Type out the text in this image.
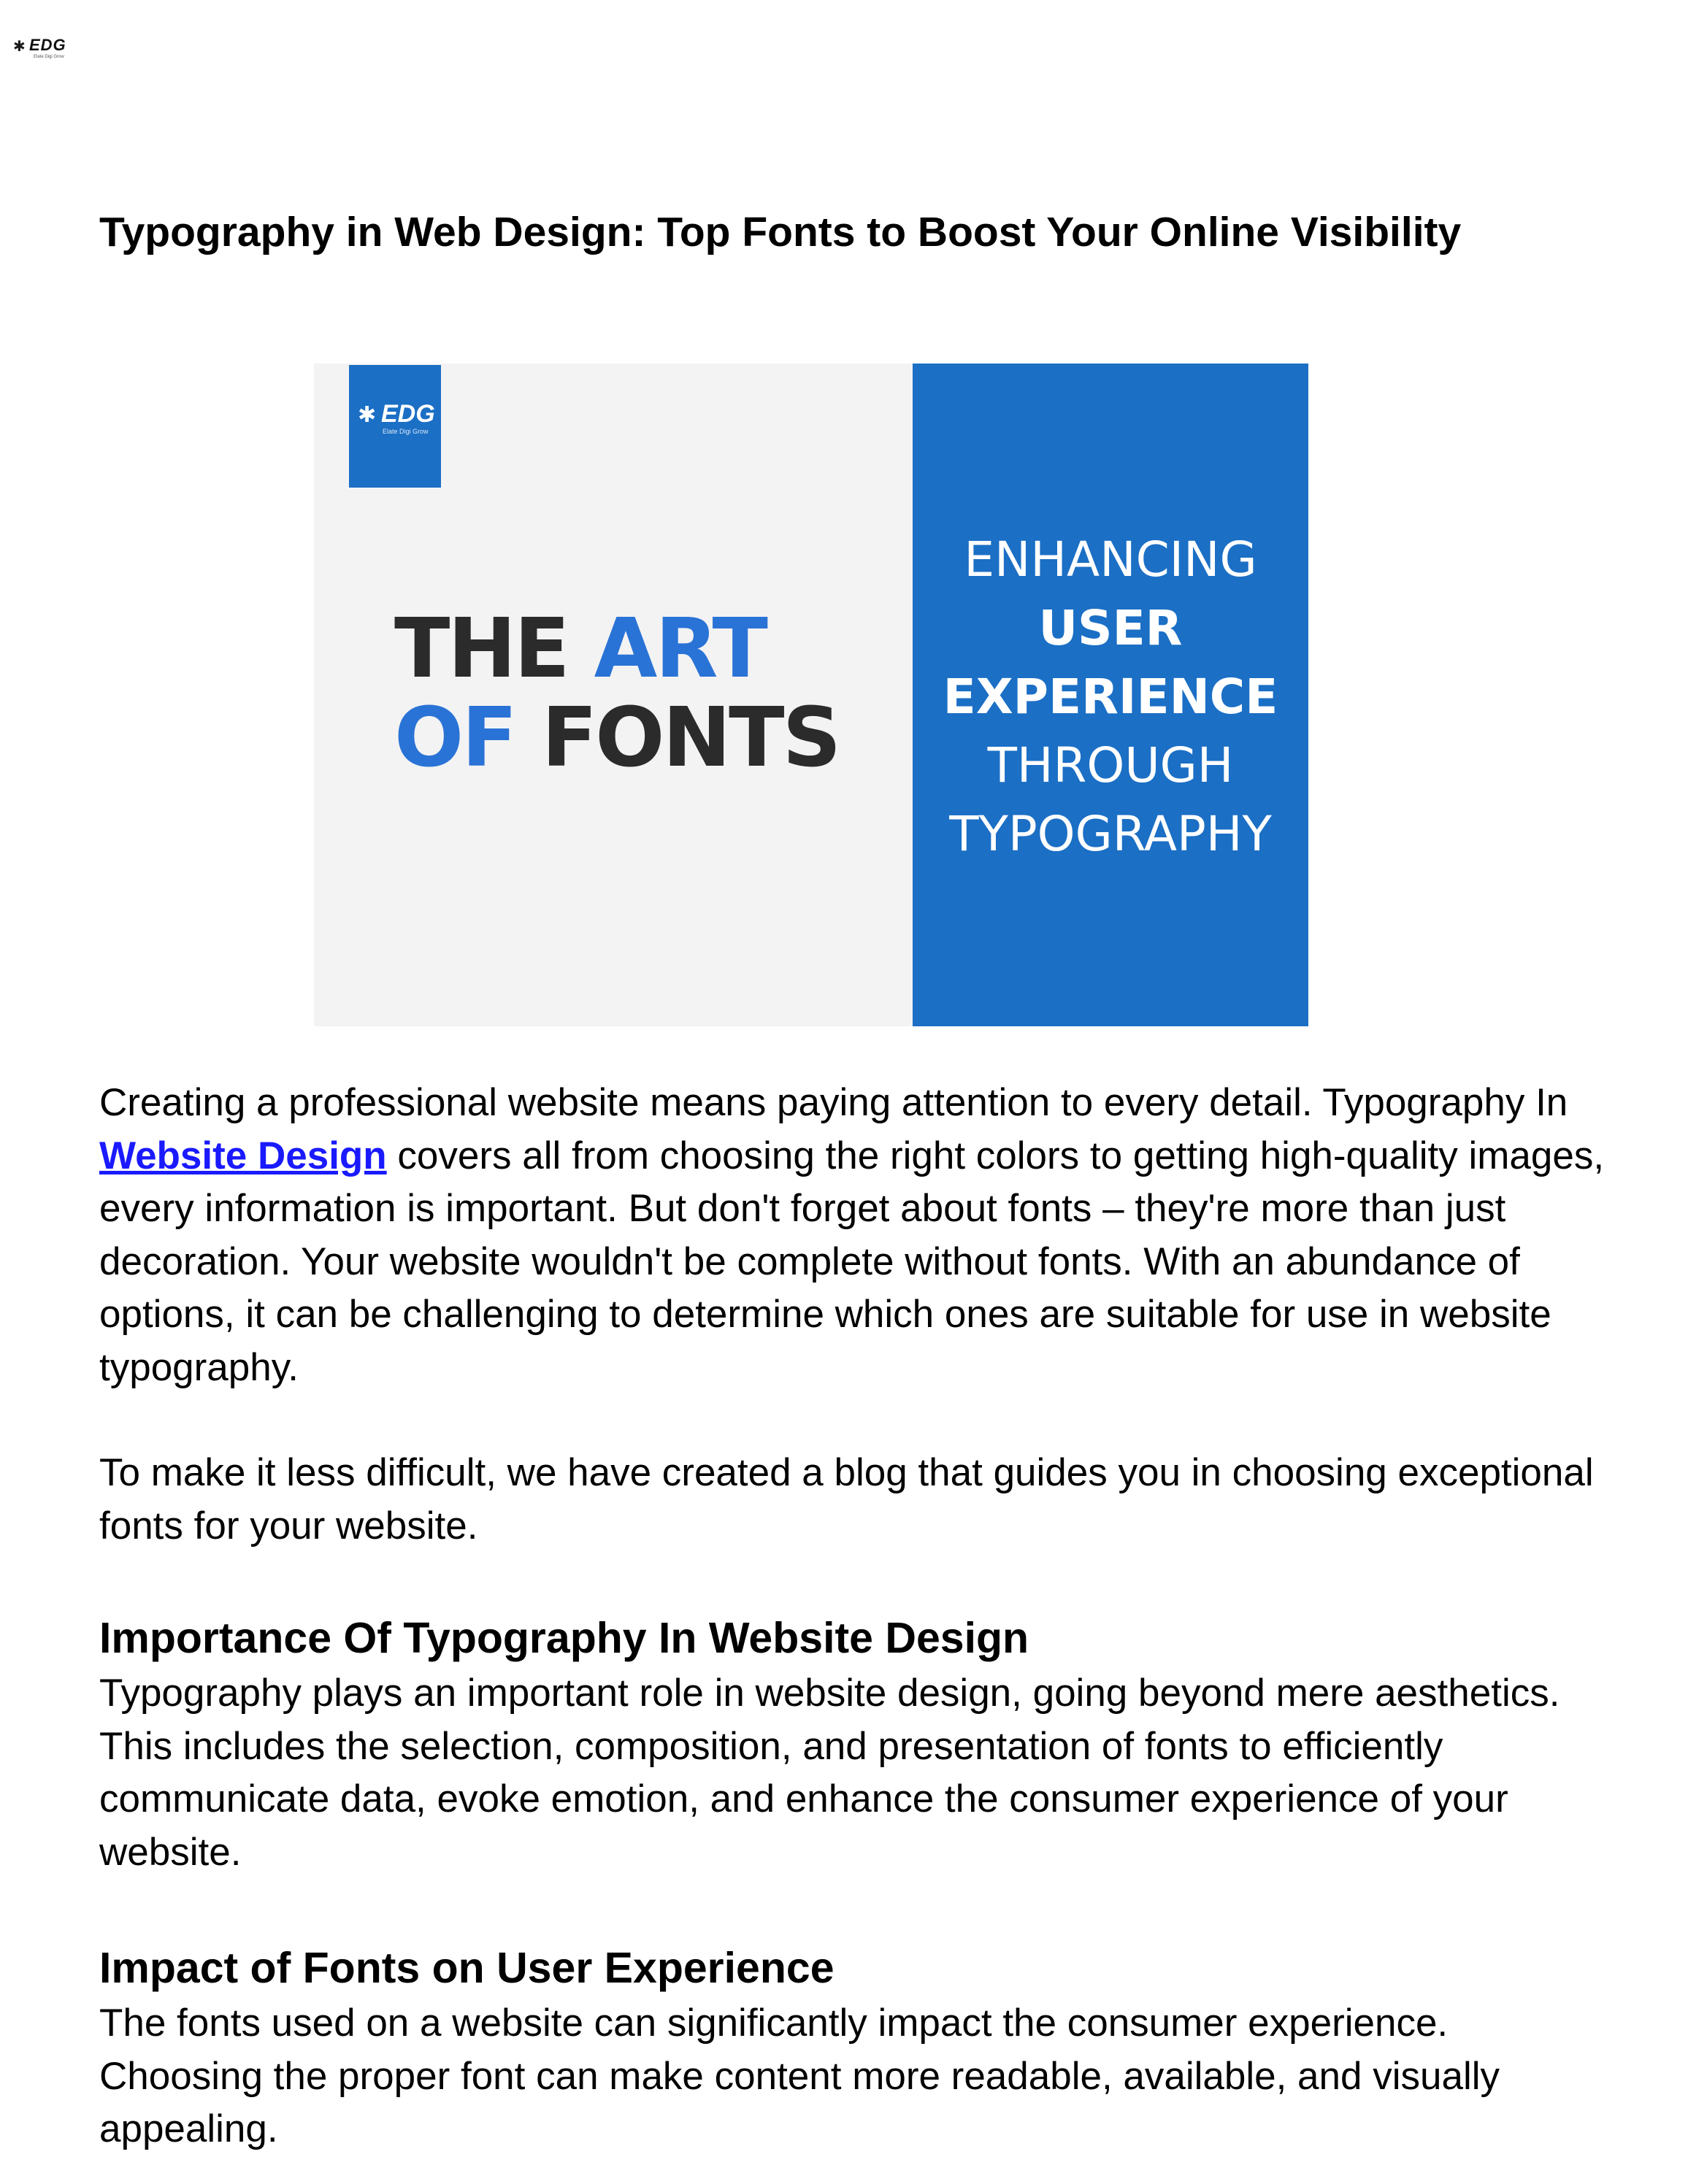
✱ EDG
Elate Digi Grow
Typography in Web Design: Top Fonts to Boost Your Online Visibility
✱ EDG
Elate Digi Grow
THE ART
OF FONTS
ENHANCING
USER
EXPERIENCE
THROUGH
TYPOGRAPHY
Creating a professional website means paying attention to every detail. Typography In Website Design covers all from choosing the right colors to getting high-quality images, every information is important. But don't forget about fonts – they're more than just decoration. Your website wouldn't be complete without fonts. With an abundance of options, it can be challenging to determine which ones are suitable for use in website typography.
To make it less difficult, we have created a blog that guides you in choosing exceptional fonts for your website.
Importance Of Typography In Website Design
Typography plays an important role in website design, going beyond mere aesthetics. This includes the selection, composition, and presentation of fonts to efficiently communicate data, evoke emotion, and enhance the consumer experience of your website.
Impact of Fonts on User Experience
The fonts used on a website can significantly impact the consumer experience. Choosing the proper font can make content more readable, available, and visually appealing.
